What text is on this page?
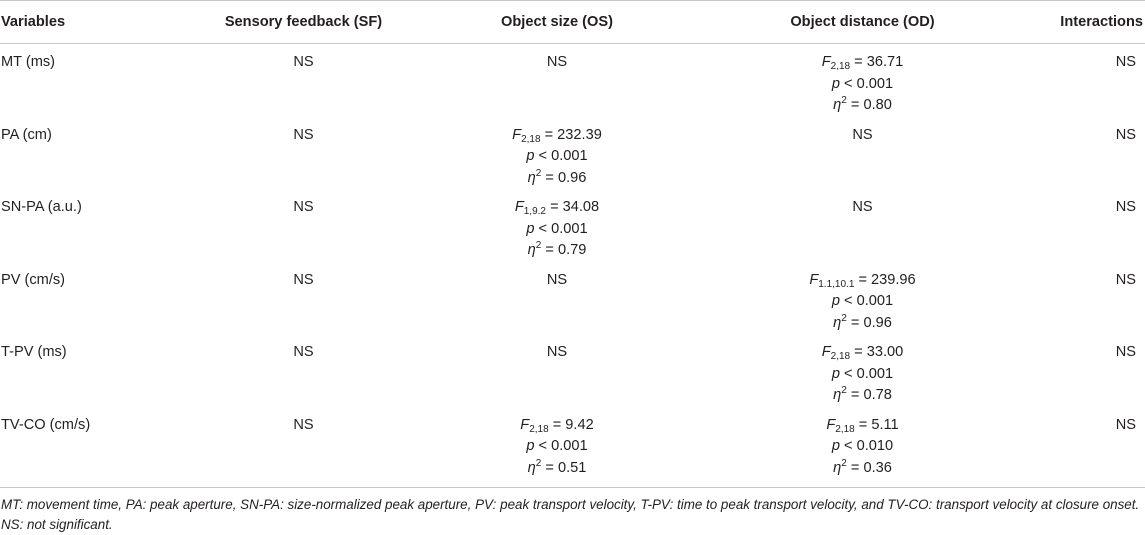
Variables	Sensory feedback (SF)	Object size (OS)	Object distance (OD)	Interactions
MT (ms)	NS	NS	$F_{2,18} = 36.71$
p < 0.001
$\eta^2 = 0.80$	NS
PA (cm)	NS	$F_{2,18} = 232.39$
p < 0.001
$\eta^2 = 0.96$	NS	NS
SN-PA (a.u.)	NS	$F_{1,9.2} = 34.08$
p < 0.001
$\eta^2 = 0.79$	NS	NS
PV (cm/s)	NS	NS	$F_{1.1,10.1} = 239.96$
p < 0.001
$\eta^2 = 0.96$	NS
T-PV (ms)	NS	NS	$F_{2,18} = 33.00$
p < 0.001
$\eta^2 = 0.78$	NS
TV-CO (cm/s)	NS	$F_{2,18} = 9.42$
p < 0.001
$\eta^2 = 0.51$	$F_{2,18} = 5.11$
p < 0.010
$\eta^2 = 0.36$	NS
MT: movement time, PA: peak aperture, SN-PA: size-normalized peak aperture, PV: peak transport velocity, T-PV: time to peak transport velocity, and TV-CO: transport velocity at closure onset. NS: not significant.
